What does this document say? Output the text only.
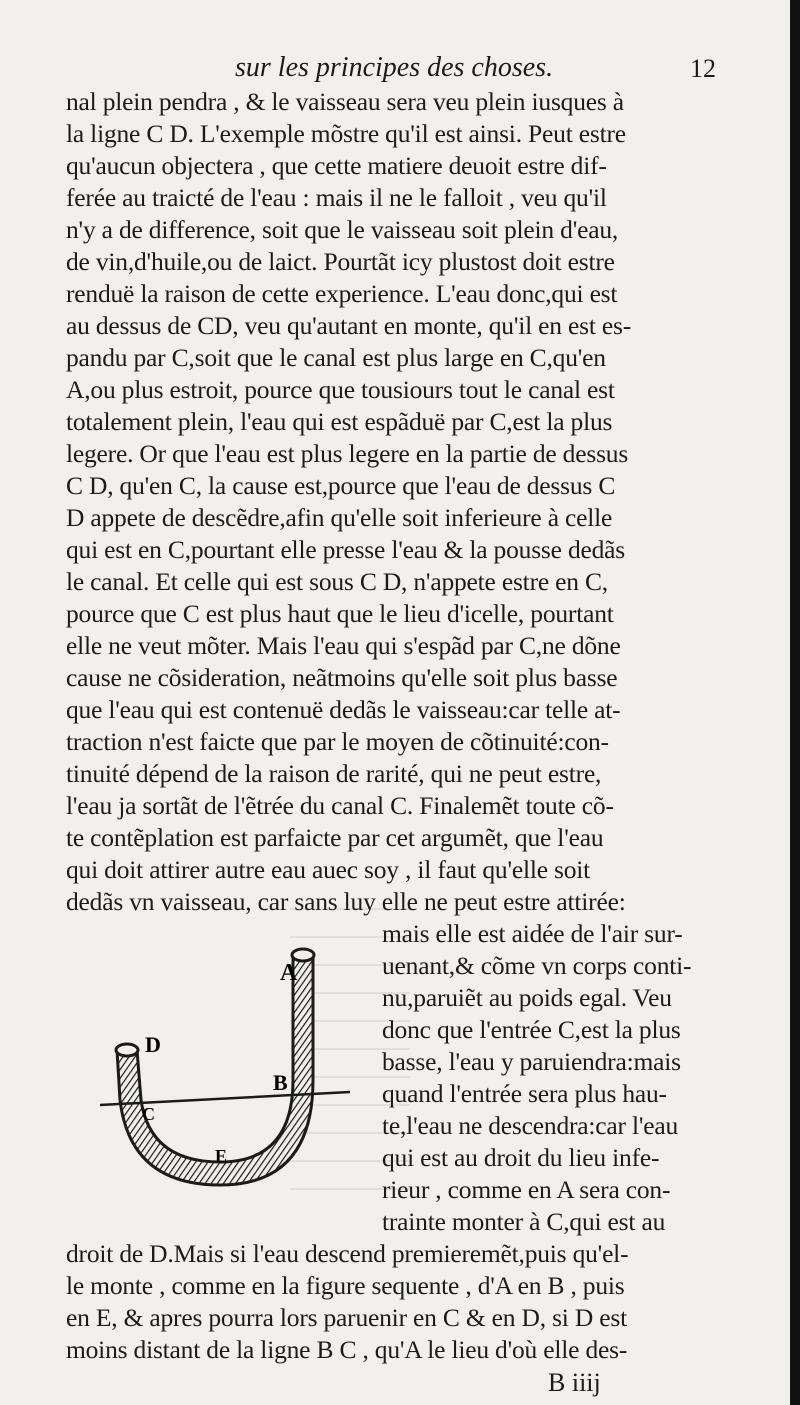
sur les principes des choses.	12
nal plein pendra , & le vaisseau sera veu plein iusques à
la ligne C D. L'exemple mõstre qu'il est ainsi. Peut estre
qu'aucun objectera , que cette matiere deuoit estre dif-
ferée au traicté de l'eau : mais il ne le falloit , veu qu'il
n'y a de difference, soit que le vaisseau soit plein d'eau,
de vin,d'huile,ou de laict. Pourtãt icy plustost doit estre
renduë la raison de cette experience. L'eau donc,qui est
au dessus de CD, veu qu'autant en monte, qu'il en est es-
pandu par C,soit que le canal est plus large en C,qu'en
A,ou plus estroit, pource que tousiours tout le canal est
totalement plein, l'eau qui est espãduë par C,est la plus
legere. Or que l'eau est plus legere en la partie de dessus
C D, qu'en C, la cause est,pource que l'eau de dessus C
D appete de descẽdre,afin qu'elle soit inferieure à celle
qui est en C,pourtant elle presse l'eau & la pousse dedãs
le canal. Et celle qui est sous C D, n'appete estre en C,
pource que C est plus haut que le lieu d'icelle, pourtant
elle ne veut mõter. Mais l'eau qui s'espãd par C,ne dõne
cause ne cõsideration, neãtmoins qu'elle soit plus basse
que l'eau qui est contenuë dedãs le vaisseau:car telle at-
traction n'est faicte que par le moyen de cõtinuité:con-
tinuité dépend de la raison de rarité, qui ne peut estre,
l'eau ja sortãt de l'ẽtrée du canal C. Finalemẽt toute cõ-
te contẽplation est parfaicte par cet argumẽt, que l'eau
qui doit attirer autre eau auec soy , il faut qu'elle soit
dedãs vn vaisseau, car sans luy elle ne peut estre attirée:
mais elle est aidée de l'air sur-
uenant,& cõme vn corps conti-
nu,paruiẽt au poids egal. Veu
donc que l'entrée C,est la plus
basse, l'eau y paruiendra:mais
quand l'entrée sera plus hau-
te,l'eau ne descendra:car l'eau
qui est au droit du lieu infe-
rieur , comme en A sera con-
trainte monter à C,qui est au
A
B
C
D
E
droit de D.Mais si l'eau descend premieremẽt,puis qu'el-
le monte , comme en la figure sequente , d'A en B , puis
en E, & apres pourra lors paruenir en C & en D, si D est
moins distant de la ligne B C , qu'A le lieu d'où elle des-
B iiij
